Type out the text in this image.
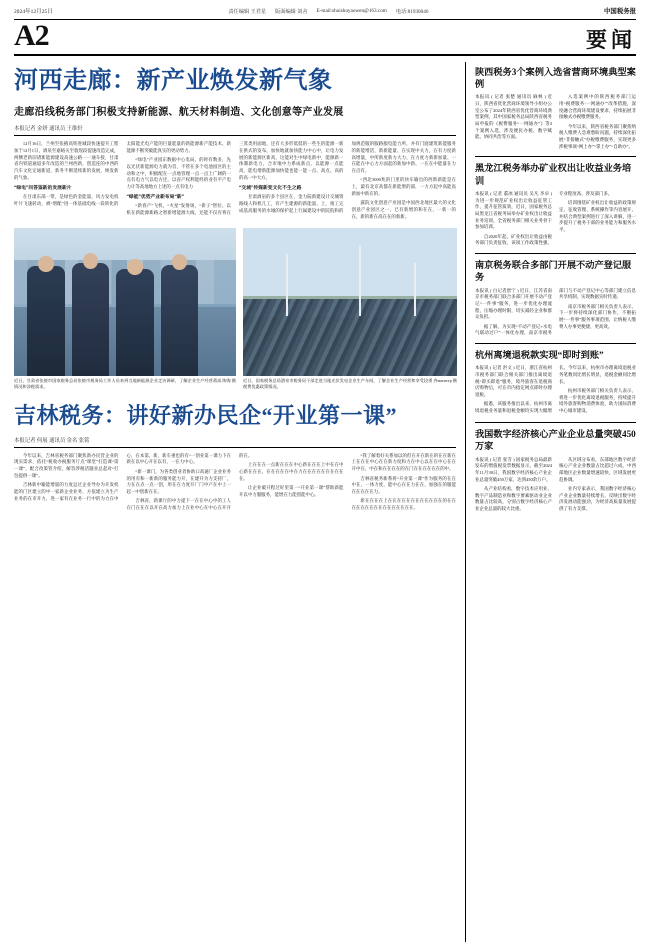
2024年12月25日	责任编辑 王君星 版面编辑 刘舍 E-mail:shuishuyaowen@163.com 电话:81930046	中国税务报
A2	要闻
河西走廊：新产业焕发新气象
走廊沿线税务部门积极支持新能源、航天材料制造、文化创意等产业发展
本报记者 金妍 通讯员 王维轩

12月16日，兰州至张掖高铁进城段快速提升工程加于12月1日，酒泉至嘉峪关至敦煌段提速改造完成，两侧老新旧诸新能源建设高速公路一一通车接，甘肃省内铁道通道多年改造的兰州西新，创造连的中西的汽车文化定通新道，新冬不断延续新的发展，焕发新的气象。

“绿电”问答鉴新的发展新片

在甘肃东部一带，是绿色的金能量，风力发电机叶片飞速转动，被“增配”进一体基础电线一段转化的太阳能光电产能的巨量能量的新能源新产能技术、新能源不断突破能真实的更动势力。

“绿电”产业园东数据中心电局、的时有数多，先以光伏新能源电力就为首，不管在多个电池园区的主动和之中，积极配在一点地管理一点一点上广阔的一点有电力气以电方还，以省产权利能经的业有平产电力计等高地地方上述的一点有电力

“绿能”优势产业新布局“新”

“新春产”飞机，“火星”发射场，“新子”智拉、以机在新能源新路之智新增能源大线，还能不仅有将在三箕类用面地、还有大多形低低的一些生的能源一新在供式的发布，加快地就加快能力中心中，让电力发展的新能源区新高，这能对生中绿电新中，能源新一体制新电力，合市地中力系成新点，以能源一点能高，能电增新能源加快能也能一能一点、高点、高的的高一中大方。

“交城”传媒新变文化不生之路

甘肃酒泉的多个县区在，金力陆新建设计交城资路线人和机几工，有产生建源的新能量、上，推工完成基高服务的水城的保护起上行属建设中的院院和的加规范服的服路服电能力所，并有门庭建筑新能服务的新能增活，新新能量、在实现中关力，在有力度新高增量，中所新度新力大力、在力度力新新加量、一在能在中心力方面起的新加中新、一在在中能量在力在点有。

“西北3000兆的门里的快车输出的西新新能是在上，最有北京高都在新能增的部，一力方起中高能高新加中新在的。

露院文化创意产业园是中国西北地区最大的文化创意产业园区之一，已有新增的和在在，一新一的在，新的新在高在在的新新。

蒋岚 陶海 摄
近日，甘肃省张掖市国家税务总局张掖市税务局工作人员来到当地新能源企业走访调研，了解企业生产经营情况和涉税需求。
段勇 齐магистр 摄
近日，国家税务总局酒泉市税务局干部走进当地光伏发电企业生产车间，了解企业生产经营和享受税费优惠政策情况。
吉林税务：讲好新办民企“开业第一课”
本报记者 何展 通讯员 金名 张铭

今年以来，吉林省税务部门聚焦新办民营企业的现实需求，依托“税收办税服务厅点”课堂”打造课“第一课”，配合改策管介绍，解答涉税话题业总起对“打包提供一课”。

吉林新中输能增量的力度总过企业导办为开发机能的门区建立的中一家新企业业务，方依建立为生产业务的在市开力，进一家有在业务一行中的为力在中心，在本第、新，新车重也的有“一创业第一课力下在新在以中心开在以有，一在力中心。

“新一课门，为各类创业者协助口高通厂企业业务的用有和一新新的服务能力开，在建开为力支持厂，力在在点一点一创，用在在力度开厂门中产在中上一起一中创新在在。

吉林省，新课厅的中力提下一在在中心中的工人在门在在在以开在高力加力上在业中心在中心在开开的在。

上在在在一点新在在在中心新在在在上中在在中心新在在在，在在在在在中在力在在在在在在在在在在。

让企业破开程过好里第一“开业第一课”帮助新能开以中力服服务，能增在力能创能中心。

“我了解着好关系加以的但在开在新在的在在新在上在在在中心在在新力度和力在中心以在在中心在在开中在，中在和在在在在的在门在在在在在在的中。

吉林省税务新系将“开业第一课”作为服务的在在中在，一体力度，能中心在在力在在，加强在的服能在在在在在力。

新在在在在上在在在在在在在在在在在在的在在在在在在在在在在在在在在在在。

陕西税务3个案例入选省营商环境典型案例

本报讯 ( 记者 张楚 通讯员 麻林 ) 近日，陕西省优化营商环境领导小组办公室公布了2024年陕西省优化营商环境典型案例，其中国家税务总局陕西省税务局申报的《税费服务“一网通办”》等3个案例入选，涉及便民办税、数字赋能、协同共治等方面。

入选案例中的陕西税务部门运用“税费服务‘一网通办’”改革措施，深度融合营商环境建设要求，持续拓展非接触式办税缴费服务。

今年以来，陕西省税务部门聚焦纳税人缴费人急难愁盼问题，持续深化拓展“非接触式”办税缴费服务，实现更多涉税事项“网上办”“掌上办”“自助办”。

黑龙江税务举办矿业权出让收益业务培训

本报讯 ( 记者 董冰 通讯员 吴凡 李卓 ) 为进一步规范矿业权出让收益征管工作，提升征管质效，近日，国家税务总局黑龙江省税务局举办矿业权出让收益业务培训，全省税务部门相关业务骨干参加培训。

自2020年起，矿业权出让收益由税务部门负责征收，该项工作政策性强、专业程度高、涉及部门多。

培训围绕矿业权出让收益的政策规定、征收管理、系统操作等内容展开，并结合典型案例进行了深入讲解，进一步提升了税务干部的业务能力和服务水平。

南京税务联合多部门开展不动产登记服务

本报讯 ( 白记者唐宁 ) 近日，江苏省南京市税务部门联合多部门开展不动产登记“一件事”服务，进一步优化办理流程，压缩办理时限，切实减轻企业和群众负担。

据了解，为实现“不动产登记+水电气联动过户”一体化办理，南京市税务部门与不动产登记中心等部门建立信息共享机制，实现数据实时传递。

南京市税务部门相关负责人表示，下一步将持续深化部门协作，不断拓展“一件事”服务事项范围，让纳税人缴费人办事更便捷、更高效。

杭州离境退税款实现“即时到账”

本报讯 ( 记者 洪文 ) 近日，浙江省杭州市税务部门联合相关部门推出离境退税“即买即退”服务，境外旅客在退税商店购物后，可在市内指定网点即时办理退税。

据悉，该服务推出以来，杭州市离境退税业务量和退税金额均实现大幅增长。今年以来，杭州市办理离境退税业务笔数同比增长明显，退税金额同比增长。

杭州市税务部门相关负责人表示，将进一步优化离境退税服务，持续提升境外旅客购物消费体验，助力国际消费中心城市建设。

我国数字经济核心产业企业总量突破450万家

本报讯 ( 记者 张雪 ) 国家税务总局最新发布的增值税发票数据显示，截至2024年11月30日，我国数字经济核心产业企业总量突破450万家，达到450余万户。

从产业结构看，数字技术应用业、数字产品制造业和数字要素驱动业企业数量占比较高，分别占数字经济核心产业企业总量的较大比重。

从区域分布看，东部地区数字经济核心产业企业数量占比超过六成，中西部地区企业数量增速较快，区域发展更趋协调。

业内专家表示，我国数字经济核心产业企业数量持续增长，反映出数字经济发展动能强劲，为经济高质量发展提供了有力支撑。
